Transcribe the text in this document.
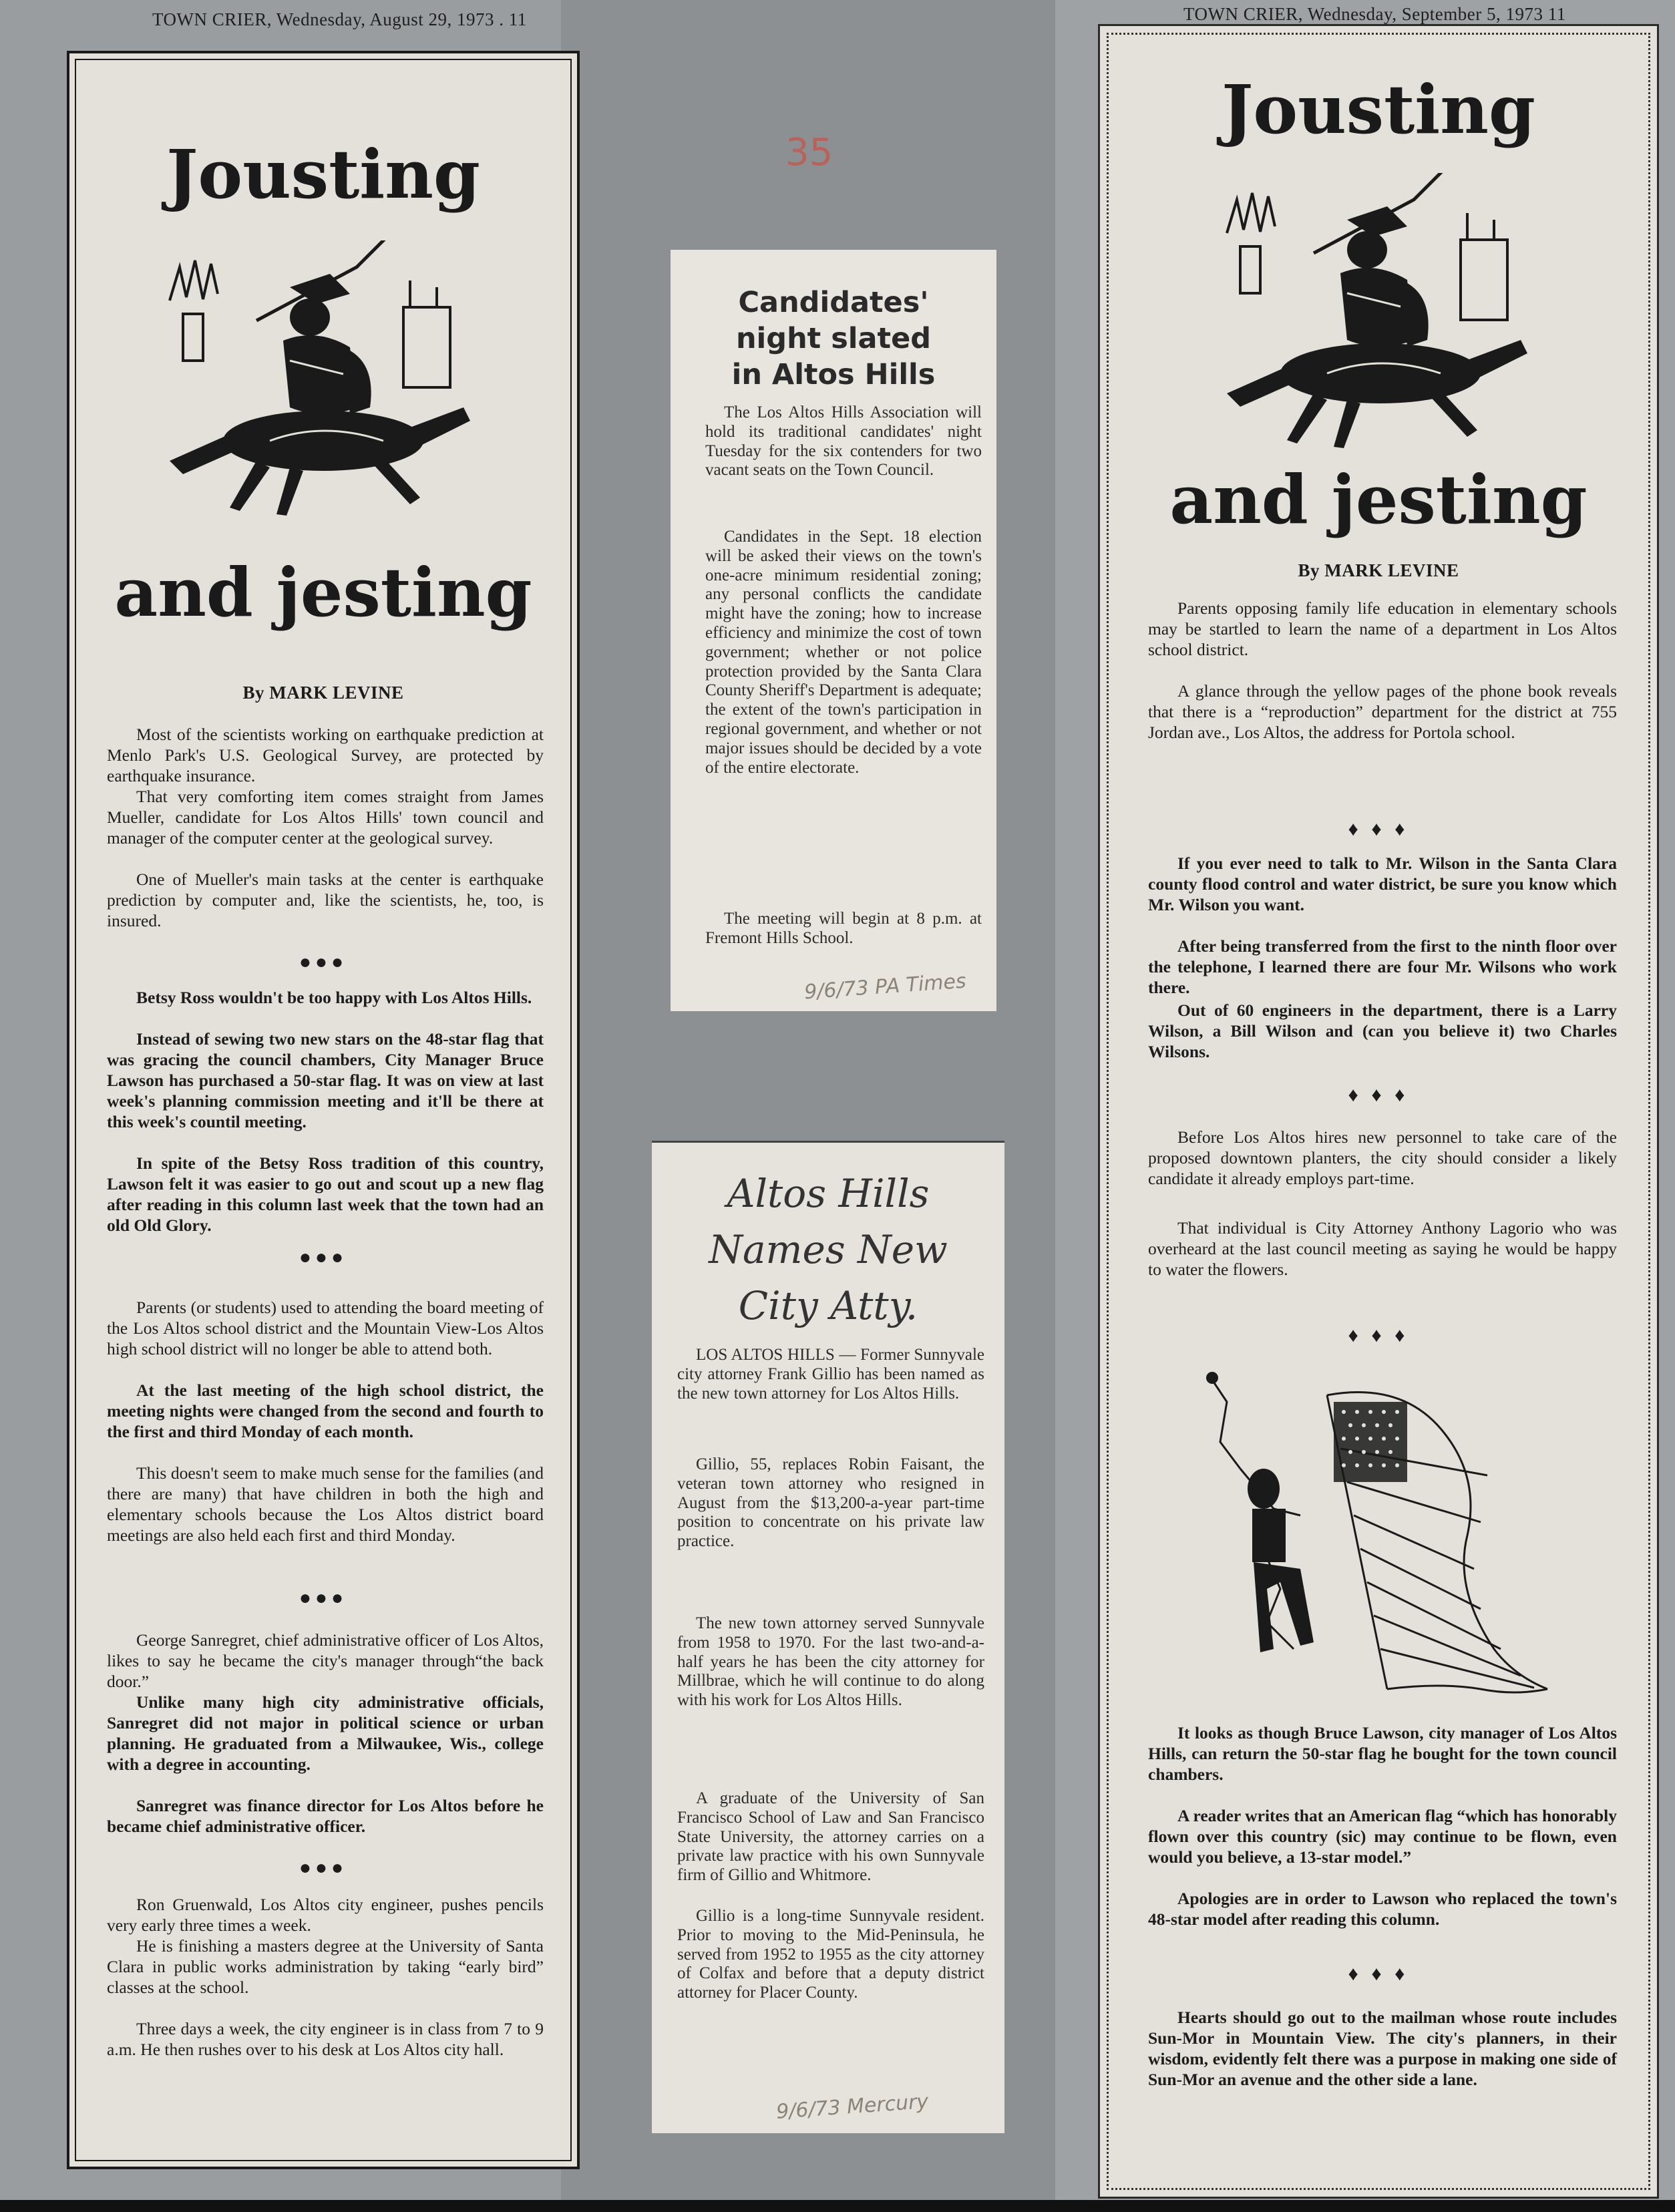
TOWN CRIER, Wednesday, August 29, 1973 . 11
Jousting
and jesting
By MARK LEVINE

Most of the scientists working on earthquake prediction at Menlo Park's U.S. Geological Survey, are protected by earthquake insurance.

That very comforting item comes straight from James Mueller, candidate for Los Altos Hills' town council and manager of the computer center at the geological survey.

One of Mueller's main tasks at the center is earthquake prediction by computer and, like the scientists, he, too, is insured.

●●●

Betsy Ross wouldn't be too happy with Los Altos Hills.

Instead of sewing two new stars on the 48-star flag that was gracing the council chambers, City Manager Bruce Lawson has purchased a 50-star flag. It was on view at last week's planning commission meeting and it'll be there at this week's countil meeting.

In spite of the Betsy Ross tradition of this country, Lawson felt it was easier to go out and scout up a new flag after reading in this column last week that the town had an old Old Glory.

●●●

Parents (or students) used to attending the board meeting of the Los Altos school district and the Mountain View-Los Altos high school district will no longer be able to attend both.

At the last meeting of the high school district, the meeting nights were changed from the second and fourth to the first and third Monday of each month.

This doesn't seem to make much sense for the families (and there are many) that have children in both the high and elementary schools because the Los Altos district board meetings are also held each first and third Monday.

●●●

George Sanregret, chief administrative officer of Los Altos, likes to say he became the city's manager through“the back door.”

Unlike many high city administrative officials, Sanregret did not major in political science or urban planning. He graduated from a Milwaukee, Wis., college with a degree in accounting.

Sanregret was finance director for Los Altos before he became chief administrative officer.

●●●

Ron Gruenwald, Los Altos city engineer, pushes pencils very early three times a week.

He is finishing a masters degree at the University of Santa Clara in public works administration by taking “early bird” classes at the school.

Three days a week, the city engineer is in class from 7 to 9 a.m. He then rushes over to his desk at Los Altos city hall.

35
Candidates'
night slated
in Altos Hills

The Los Altos Hills Association will hold its traditional candidates' night Tuesday for the six contenders for two vacant seats on the Town Council.

Candidates in the Sept. 18 election will be asked their views on the town's one-acre minimum residential zoning; any personal conflicts the candidate might have the zoning; how to increase efficiency and minimize the cost of town government; whether or not police protection provided by the Santa Clara County Sheriff's Department is adequate; the extent of the town's participation in regional government, and whether or not major issues should be decided by a vote of the entire electorate.

The meeting will begin at 8 p.m. at Fremont Hills School.

9/6/73 PA Times
Altos Hills
Names New
City Atty.

LOS ALTOS HILLS — Former Sunnyvale city attorney Frank Gillio has been named as the new town attorney for Los Altos Hills.

Gillio, 55, replaces Robin Faisant, the veteran town attorney who resigned in August from the $13,200-a-year part-time position to concentrate on his private law practice.

The new town attorney served Sunnyvale from 1958 to 1970. For the last two-and-a-half years he has been the city attorney for Millbrae, which he will continue to do along with his work for Los Altos Hills.

A graduate of the University of San Francisco School of Law and San Francisco State University, the attorney carries on a private law practice with his own Sunnyvale firm of Gillio and Whitmore.

Gillio is a long-time Sunnyvale resident. Prior to moving to the Mid-Peninsula, he served from 1952 to 1955 as the city attorney of Colfax and before that a deputy district attorney for Placer County.

9/6/73 Mercury
TOWN CRIER, Wednesday, September 5, 1973 11
Jousting
and jesting
By MARK LEVINE

Parents opposing family life education in elementary schools may be startled to learn the name of a department in Los Altos school district.

A glance through the yellow pages of the phone book reveals that there is a “reproduction” department for the district at 755 Jordan ave., Los Altos, the address for Portola school.

♦ ♦ ♦

If you ever need to talk to Mr. Wilson in the Santa Clara county flood control and water district, be sure you know which Mr. Wilson you want.

After being transferred from the first to the ninth floor over the telephone, I learned there are four Mr. Wilsons who work there.

Out of 60 engineers in the department, there is a Larry Wilson, a Bill Wilson and (can you believe it) two Charles Wilsons.

♦ ♦ ♦

Before Los Altos hires new personnel to take care of the proposed downtown planters, the city should consider a likely candidate it already employs part-time.

That individual is City Attorney Anthony Lagorio who was overheard at the last council meeting as saying he would be happy to water the flowers.

♦ ♦ ♦

It looks as though Bruce Lawson, city manager of Los Altos Hills, can return the 50-star flag he bought for the town council chambers.

A reader writes that an American flag “which has honorably flown over this country (sic) may continue to be flown, even would you believe, a 13-star model.”

Apologies are in order to Lawson who replaced the town's 48-star model after reading this column.

♦ ♦ ♦

Hearts should go out to the mailman whose route includes Sun-Mor in Mountain View. The city's planners, in their wisdom, evidently felt there was a purpose in making one side of Sun-Mor an avenue and the other side a lane.
